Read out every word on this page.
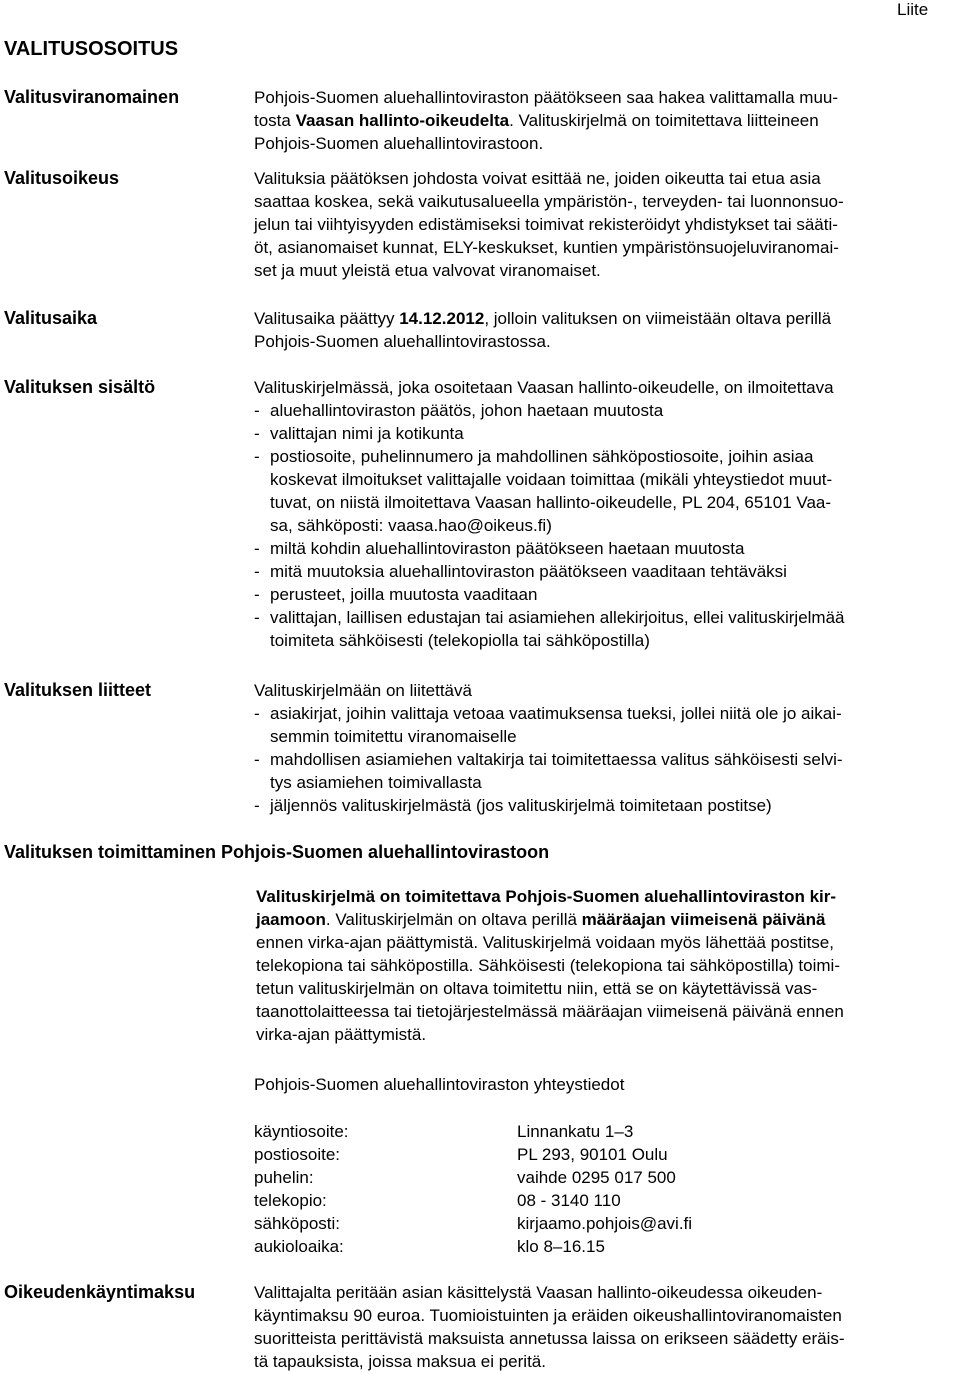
Liite
VALITUSOSOITUS
Valitusviranomainen	Pohjois-Suomen aluehallintoviraston päätökseen saa hakea valittamalla muu-
tosta Vaasan hallinto-oikeudelta. Valituskirjelmä on toimitettava liitteineen
Pohjois-Suomen aluehallintovirastoon.
Valitusoikeus	Valituksia päätöksen johdosta voivat esittää ne, joiden oikeutta tai etua asia
saattaa koskea, sekä vaikutusalueella ympäristön-, terveyden- tai luonnonsuo-
jelun tai viihtyisyyden edistämiseksi toimivat rekisteröidyt yhdistykset tai sääti-
öt, asianomaiset kunnat, ELY-keskukset, kuntien ympäristönsuojeluviranomai-
set ja muut yleistä etua valvovat viranomaiset.
Valitusaika	Valitusaika päättyy 14.12.2012, jolloin valituksen on viimeistään oltava perillä
Pohjois-Suomen aluehallintovirastossa.
Valituksen sisältö	Valituskirjelmässä, joka osoitetaan Vaasan hallinto-oikeudelle, on ilmoitettava
- aluehallintoviraston päätös, johon haetaan muutosta
- valittajan nimi ja kotikunta
- postiosoite, puhelinnumero ja mahdollinen sähköpostiosoite, joihin asiaa
koskevat ilmoitukset valittajalle voidaan toimittaa (mikäli yhteystiedot muut-
tuvat, on niistä ilmoitettava Vaasan hallinto-oikeudelle, PL 204, 65101 Vaa-
sa, sähköposti: vaasa.hao@oikeus.fi)
- miltä kohdin aluehallintoviraston päätökseen haetaan muutosta
- mitä muutoksia aluehallintoviraston päätökseen vaaditaan tehtäväksi
- perusteet, joilla muutosta vaaditaan
- valittajan, laillisen edustajan tai asiamiehen allekirjoitus, ellei valituskirjelmää
toimiteta sähköisesti (telekopiolla tai sähköpostilla)
Valituksen liitteet	Valituskirjelmään on liitettävä
- asiakirjat, joihin valittaja vetoaa vaatimuksensa tueksi, jollei niitä ole jo aikai-
semmin toimitettu viranomaiselle
- mahdollisen asiamiehen valtakirja tai toimitettaessa valitus sähköisesti selvi-
tys asiamiehen toimivallasta
- jäljennös valituskirjelmästä (jos valituskirjelmä toimitetaan postitse)
Valituksen toimittaminen Pohjois-Suomen aluehallintovirastoon
Valituskirjelmä on toimitettava Pohjois-Suomen aluehallintoviraston kir-
jaamoon. Valituskirjelmän on oltava perillä määräajan viimeisenä päivänä
ennen virka-ajan päättymistä. Valituskirjelmä voidaan myös lähettää postitse,
telekopiona tai sähköpostilla. Sähköisesti (telekopiona tai sähköpostilla) toimi-
tetun valituskirjelmän on oltava toimitettu niin, että se on käytettävissä vas-
taanottolaitteessa tai tietojärjestelmässä määräajan viimeisenä päivänä ennen
virka-ajan päättymistä.
Pohjois-Suomen aluehallintoviraston yhteystiedot
käyntiosoite:	Linnankatu 1–3
postiosoite:	PL 293, 90101 Oulu
puhelin:	vaihde 0295 017 500
telekopio:	08 - 3140 110
sähköposti:	kirjaamo.pohjois@avi.fi
aukioloaika:	klo 8–16.15
Oikeudenkäyntimaksu	Valittajalta peritään asian käsittelystä Vaasan hallinto-oikeudessa oikeuden-
käyntimaksu 90 euroa. Tuomioistuinten ja eräiden oikeushallintoviranomaisten
suoritteista perittävistä maksuista annetussa laissa on erikseen säädetty eräis-
tä tapauksista, joissa maksua ei peritä.
